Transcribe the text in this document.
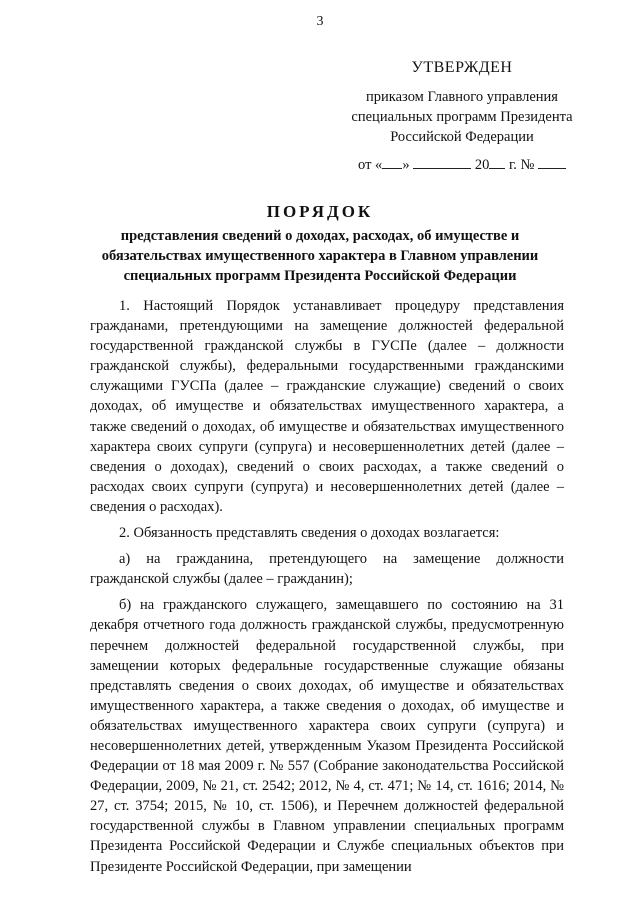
3
УТВЕРЖДЕН
приказом Главного управления
специальных программ Президента
Российской Федерации
от « »	20 г. №
ПОРЯДОК
представления сведений о доходах, расходах, об имуществе и обязательствах имущественного характера в Главном управлении специальных программ Президента Российской Федерации

1. Настоящий Порядок устанавливает процедуру представления гражданами, претендующими на замещение должностей федеральной государственной гражданской службы в ГУСПе (далее – должности гражданской службы), федеральными государственными гражданскими служащими ГУСПа (далее – гражданские служащие) сведений о своих доходах, об имуществе и обязательствах имущественного характера, а также сведений о доходах, об имуществе и обязательствах имущественного характера своих супруги (супруга) и несовершеннолетних детей (далее – сведения о доходах), сведений о своих расходах, а также сведений о расходах своих супруги (супруга) и несовершеннолетних детей (далее – сведения о расходах).

2. Обязанность представлять сведения о доходах возлагается:

а) на гражданина, претендующего на замещение должности гражданской службы (далее – гражданин);

б) на гражданского служащего, замещавшего по состоянию на 31 декабря отчетного года должность гражданской службы, предусмотренную перечнем должностей федеральной государственной службы, при замещении которых федеральные государственные служащие обязаны представлять сведения о своих доходах, об имуществе и обязательствах имущественного характера, а также сведения о доходах, об имуществе и обязательствах имущественного характера своих супруги (супруга) и несовершеннолетних детей, утвержденным Указом Президента Российской Федерации от 18 мая 2009 г. № 557 (Собрание законодательства Российской Федерации, 2009, № 21, ст. 2542; 2012, № 4, ст. 471; № 14, ст. 1616; 2014, № 27, ст. 3754; 2015, № 10, ст. 1506), и Перечнем должностей федеральной государственной службы в Главном управлении специальных программ Президента Российской Федерации и Службе специальных объектов при Президенте Российской Федерации, при замещении
